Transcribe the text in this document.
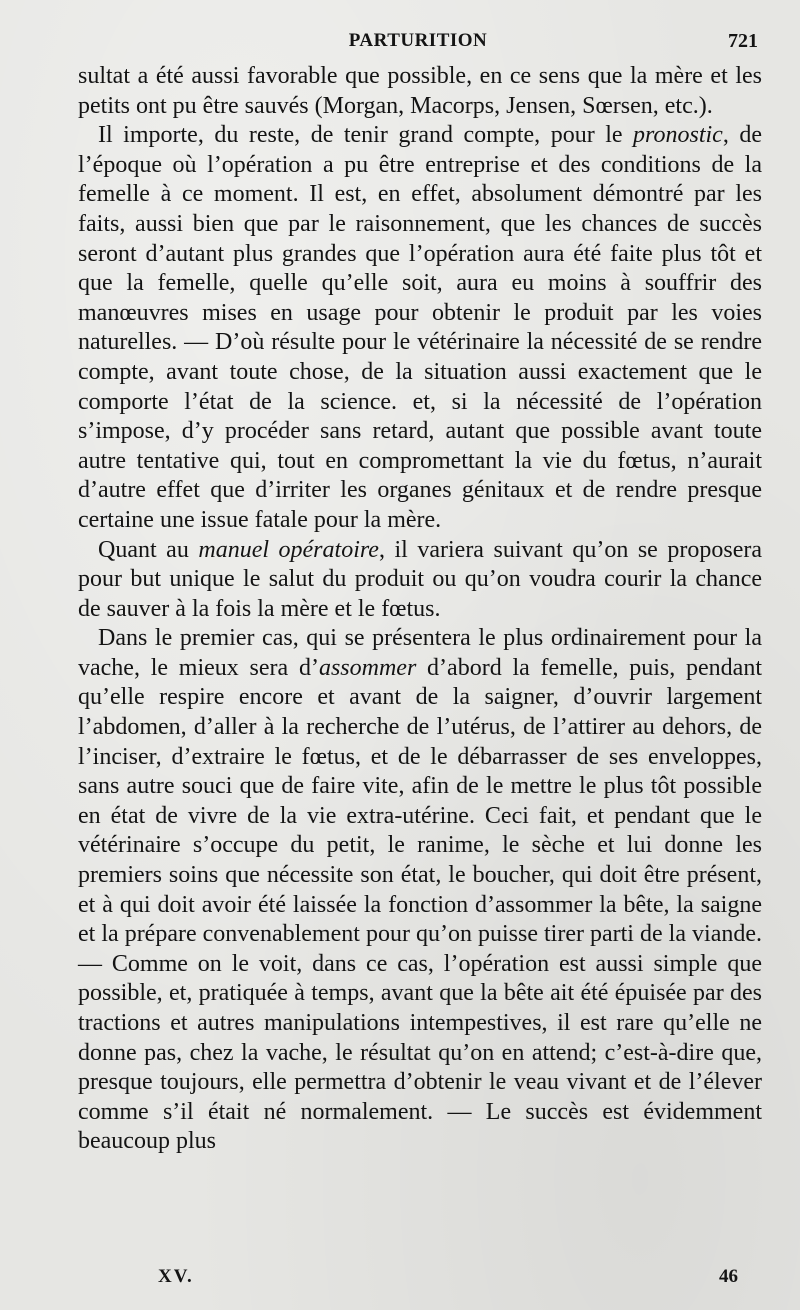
PARTURITION	721

sultat a été aussi favorable que possible, en ce sens que la mère et les petits ont pu être sauvés (Morgan, Macorps, Jensen, Sœrsen, etc.).

Il importe, du reste, de tenir grand compte, pour le pronostic, de l’époque où l’opération a pu être entreprise et des conditions de la femelle à ce moment. Il est, en effet, absolument démontré par les faits, aussi bien que par le raisonnement, que les chances de succès seront d’autant plus grandes que l’opération aura été faite plus tôt et que la femelle, quelle qu’elle soit, aura eu moins à souffrir des manœuvres mises en usage pour obtenir le produit par les voies naturelles. — D’où résulte pour le vétérinaire la nécessité de se rendre compte, avant toute chose, de la situation aussi exactement que le comporte l’état de la science. et, si la nécessité de l’opération s’impose, d’y procéder sans retard, autant que possible avant toute autre tentative qui, tout en compromettant la vie du fœtus, n’aurait d’autre effet que d’irriter les organes génitaux et de rendre presque certaine une issue fatale pour la mère.

Quant au manuel opératoire, il variera suivant qu’on se proposera pour but unique le salut du produit ou qu’on voudra courir la chance de sauver à la fois la mère et le fœtus.

Dans le premier cas, qui se présentera le plus ordinairement pour la vache, le mieux sera d’assommer d’abord la femelle, puis, pendant qu’elle respire encore et avant de la saigner, d’ouvrir largement l’abdomen, d’aller à la recherche de l’utérus, de l’attirer au dehors, de l’inciser, d’extraire le fœtus, et de le débarrasser de ses enveloppes, sans autre souci que de faire vite, afin de le mettre le plus tôt possible en état de vivre de la vie extra-utérine. Ceci fait, et pendant que le vétérinaire s’occupe du petit, le ranime, le sèche et lui donne les premiers soins que nécessite son état, le boucher, qui doit être présent, et à qui doit avoir été laissée la fonction d’assommer la bête, la saigne et la prépare convenablement pour qu’on puisse tirer parti de la viande. — Comme on le voit, dans ce cas, l’opération est aussi simple que possible, et, pratiquée à temps, avant que la bête ait été épuisée par des tractions et autres manipulations intempestives, il est rare qu’elle ne donne pas, chez la vache, le résultat qu’on en attend; c’est-à-dire que, presque toujours, elle permettra d’obtenir le veau vivant et de l’élever comme s’il était né normalement. — Le succès est évidemment beaucoup plus

XV.	46
